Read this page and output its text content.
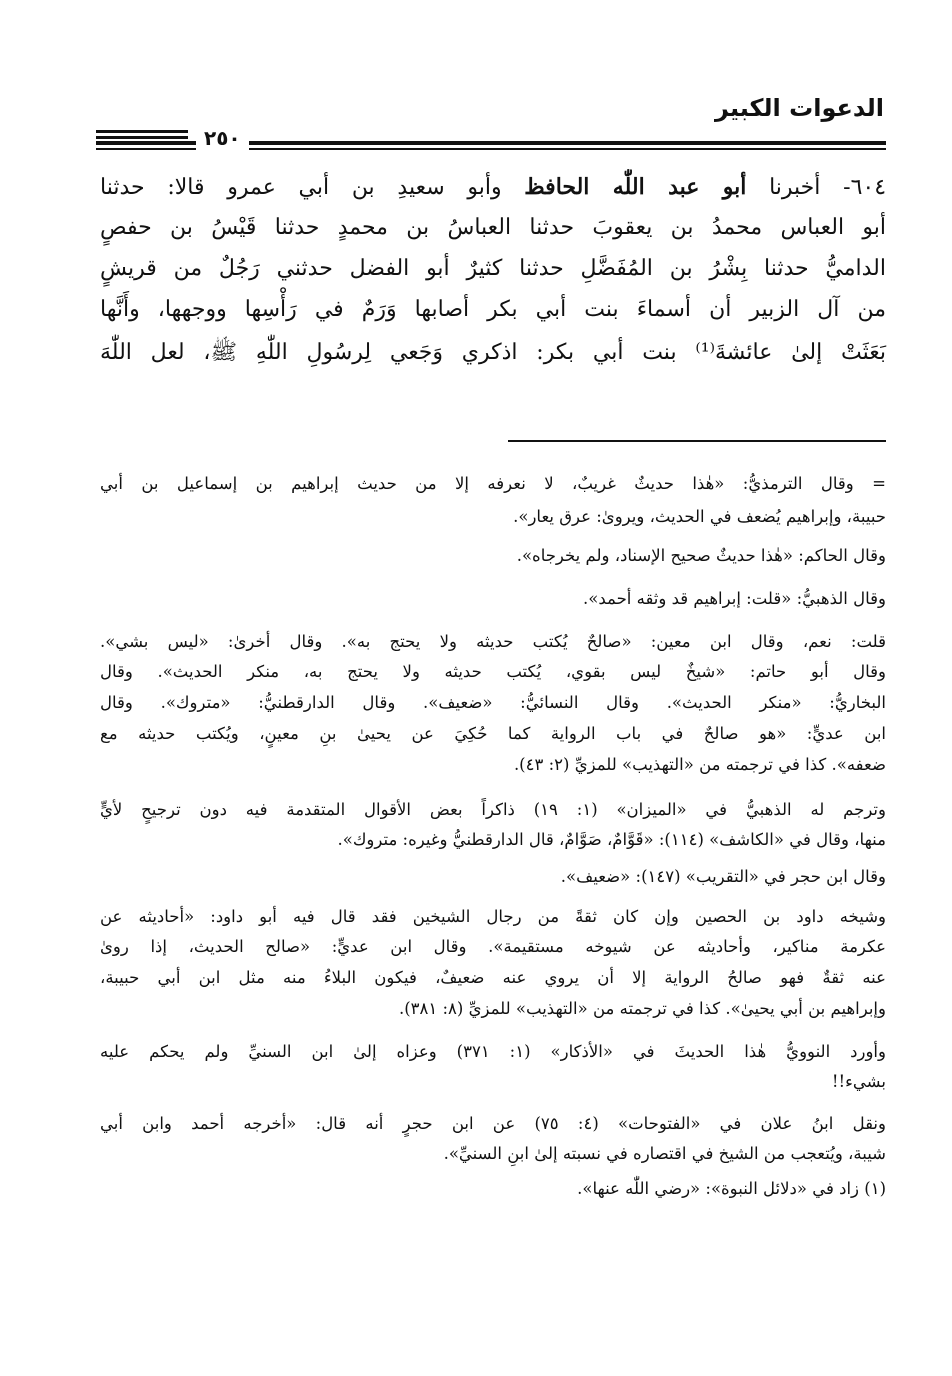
الدعوات الكبير
٢٥٠
٦٠٤- أخبرنا أبو عبد اللّٰه الحافظ وأبو سعيدِ بن أبي عمرو قالا: حدثنا
أبو العباس محمدُ بن يعقوبَ حدثنا العباسُ بن محمدٍ حدثنا قَيْسُ بن حفصٍ
الداميُّ حدثنا بِشْرُ بن المُفَضَّلِ حدثنا كثيرٌ أبو الفضل حدثني رَجُلٌ من قريشٍ
من آل الزبير أن أسماءَ بنت أبي بكر أصابها وَرَمٌ في رَأْسِها ووجهها، وأَنَّها
بَعَثَتْ إلىٰ عائشةَ⁽¹⁾ بنت أبي بكر: اذكري وَجَعي لِرسُولِ اللّٰهِ ﷺ، لعل اللّٰهَ
= وقال الترمذيُّ: «هٰذا حديثٌ غريبٌ، لا نعرفه إلا من حديث إبراهيم بن إسماعيل بن أبي
حبيبة، وإبراهيم يُضعف في الحديث، ويروىٰ: عرق يعار».
وقال الحاكم: «هٰذا حديثٌ صحيح الإسناد، ولم يخرجاه».
وقال الذهبيُّ: «قلت: إبراهيم قد وثقه أحمد».
قلت: نعم، وقال ابن معين: «صالحٌ يُكتب حديثه ولا يحتج به». وقال أخرىٰ: «ليس بشي».
وقال أبو حاتم: «شيخٌ ليس بقوي، يُكتب حديثه ولا يحتج به، منكر الحديث». وقال
البخاريُّ: «منكر الحديث». وقال النسائيُّ: «ضعيف». وقال الدارقطنيُّ: «متروك». وقال
ابن عديٍّ: «هو صالحٌ في باب الرواية كما حُكِيَ عن يحيىٰ بنِ معينٍ، ويُكتب حديثه مع
ضعفه». كذا في ترجمته من «التهذيب» للمزيِّ (٢: ٤٣).
وترجم له الذهبيُّ في «الميزان» (١: ١٩) ذاكراً بعض الأقوال المتقدمة فيه دون ترجيحٍ لأيٍّ
منها، وقال في «الكاشف» (١١٤): «قَوَّامٌ، صَوَّامٌ، قال الدارقطنيُّ وغيره: متروك».
وقال ابن حجر في «التقريب» (١٤٧): «ضعيف».
وشيخه داود بن الحصين وإن كان ثقةً من رجال الشيخين فقد قال فيه أبو داود: «أحاديثه عن
عكرمة مناكير، وأحاديثه عن شيوخه مستقيمة». وقال ابن عديٍّ: «صالح الحديث، إذا روىٰ
عنه ثقةٌ فهو صالحُ الرواية إلا أن يروي عنه ضعيفٌ، فيكون البلاءُ منه مثل ابن أبي حبيبة،
وإبراهيم بن أبي يحيىٰ». كذا في ترجمته من «التهذيب» للمزيِّ (٨: ٣٨١).
وأورد النوويُّ هٰذا الحديثَ في «الأذكار» (١: ٣٧١) وعزاه إلىٰ ابن السنيِّ ولم يحكم عليه
بشيء!!
ونقل ابنُ علان في «الفتوحات» (٤: ٧٥) عن ابن حجرٍ أنه قال: «أخرجه أحمد وابن أبي
شيبة، ويُتعجب من الشيخ في اقتصاره في نسبته إلىٰ ابنِ السنيِّ».
(١) زاد في «دلائل النبوة»: «رضي اللّٰه عنها».
